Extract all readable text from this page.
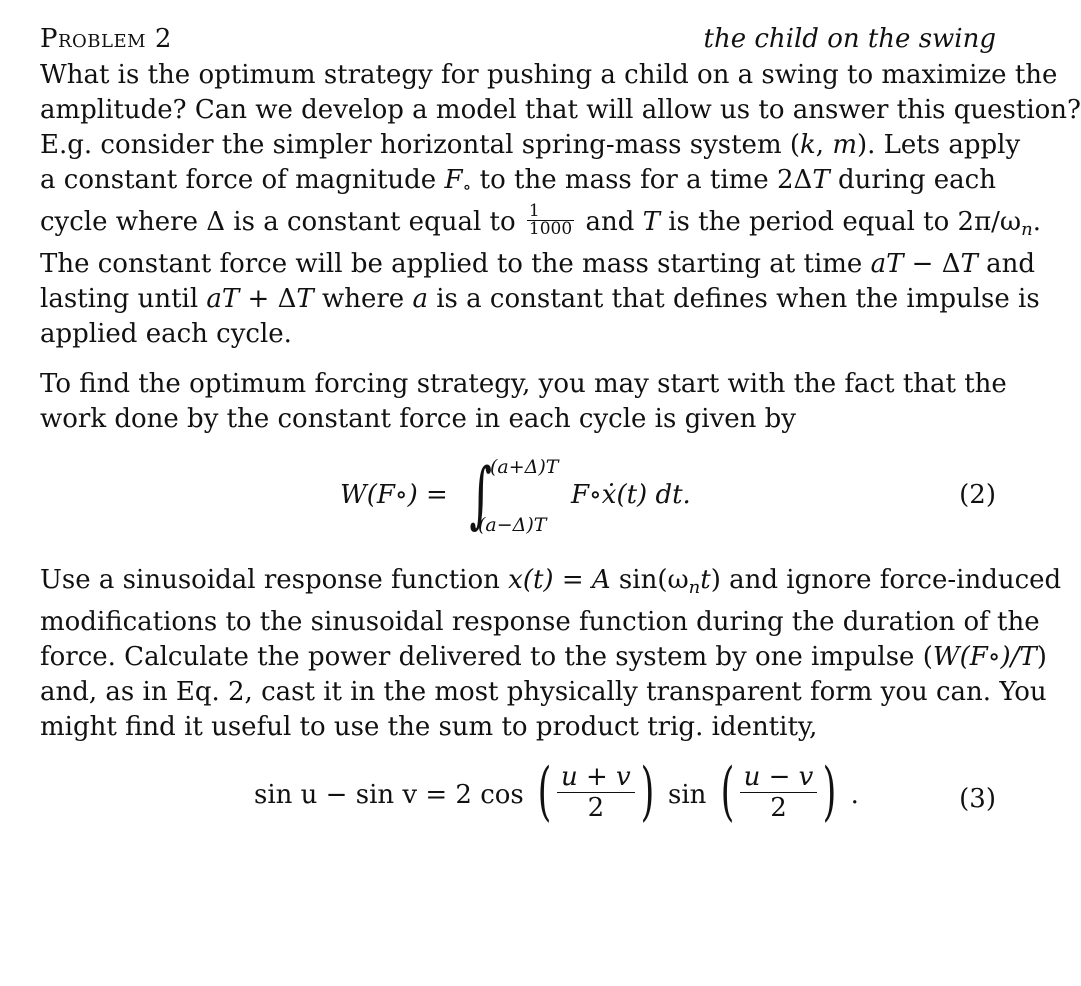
Problem 2	the child on the swing
What is the optimum strategy for pushing a child on a swing to maximize the
amplitude? Can we develop a model that will allow us to answer this question?
E.g. consider the simpler horizontal spring-mass system (k, m). Lets apply
a constant force of magnitude $F_\circ$ to the mass for a time 2ΔT during each
cycle where Δ is a constant equal to $\frac{1}{1000}$ and T is the period equal to $2\pi/\omega_n$.
The constant force will be applied to the mass starting at time aT − ΔT and
lasting until aT + ΔT where a is a constant that defines when the impulse is
applied each cycle.
To find the optimum forcing strategy, you may start with the fact that the
work done by the constant force in each cycle is given by
W(F∘) = ∫
(a+Δ)T
(a−Δ)T
F∘ẋ(t) dt.	(2)
Use a sinusoidal response function x(t) = A $\sin(\omega_nt)$ and ignore force-induced
modifications to the sinusoidal response function during the duration of the
force. Calculate the power delivered to the system by one impulse (W(F∘)/T)
and, as in Eq. 2, cast it in the most physically transparent form you can. You
might find it useful to use the sum to product trig. identity,
sin u − sin v = 2 cos ( $\frac{u + v}{2}$ ) sin ( $\frac{u - v}{2}$ ) .	(3)
